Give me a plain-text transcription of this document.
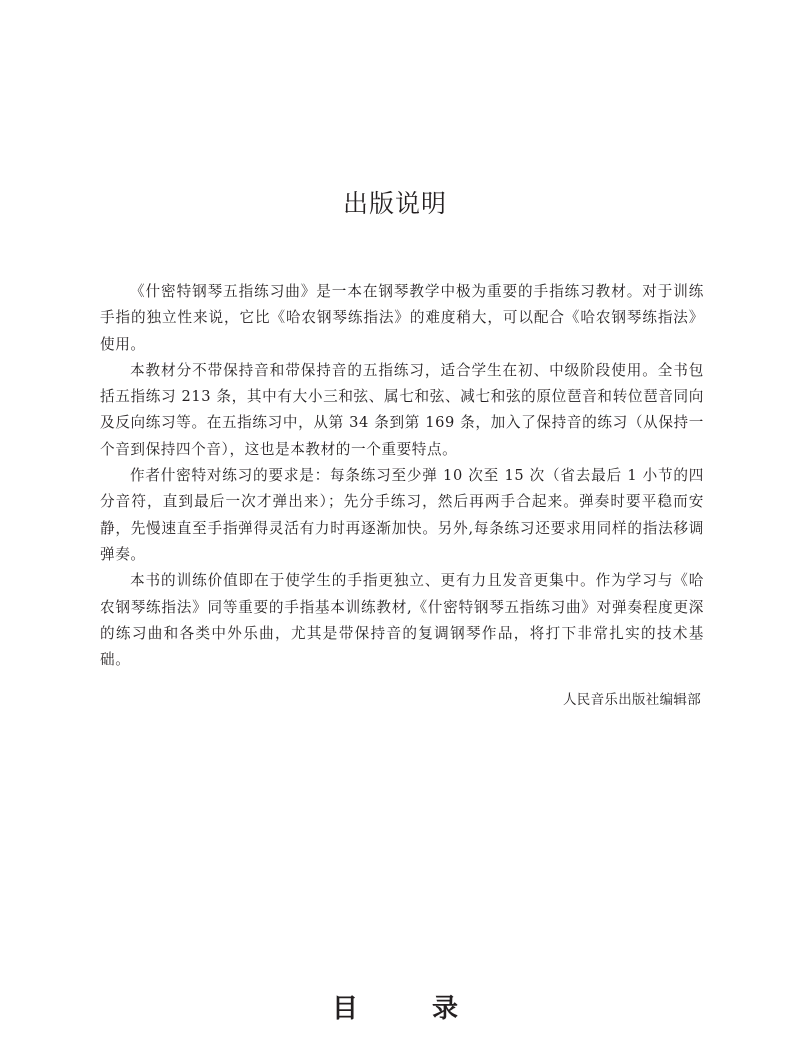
出版说明

《什密特钢琴五指练习曲》是一本在钢琴教学中极为重要的手指练习教材。对于训练手指的独立性来说，它比《哈农钢琴练指法》的难度稍大，可以配合《哈农钢琴练指法》使用。

本教材分不带保持音和带保持音的五指练习，适合学生在初、中级阶段使用。全书包括五指练习 213 条，其中有大小三和弦、属七和弦、减七和弦的原位琶音和转位琶音同向及反向练习等。在五指练习中，从第 34 条到第 169 条，加入了保持音的练习（从保持一个音到保持四个音），这也是本教材的一个重要特点。

作者什密特对练习的要求是：每条练习至少弹 10 次至 15 次（省去最后 1 小节的四分音符，直到最后一次才弹出来）；先分手练习，然后再两手合起来。弹奏时要平稳而安静，先慢速直至手指弹得灵活有力时再逐渐加快。另外,每条练习还要求用同样的指法移调弹奏。

本书的训练价值即在于使学生的手指更独立、更有力且发音更集中。作为学习与《哈农钢琴练指法》同等重要的手指基本训练教材,《什密特钢琴五指练习曲》对弹奏程度更深的练习曲和各类中外乐曲，尤其是带保持音的复调钢琴作品，将打下非常扎实的技术基础。

人民音乐出版社编辑部

目	录
